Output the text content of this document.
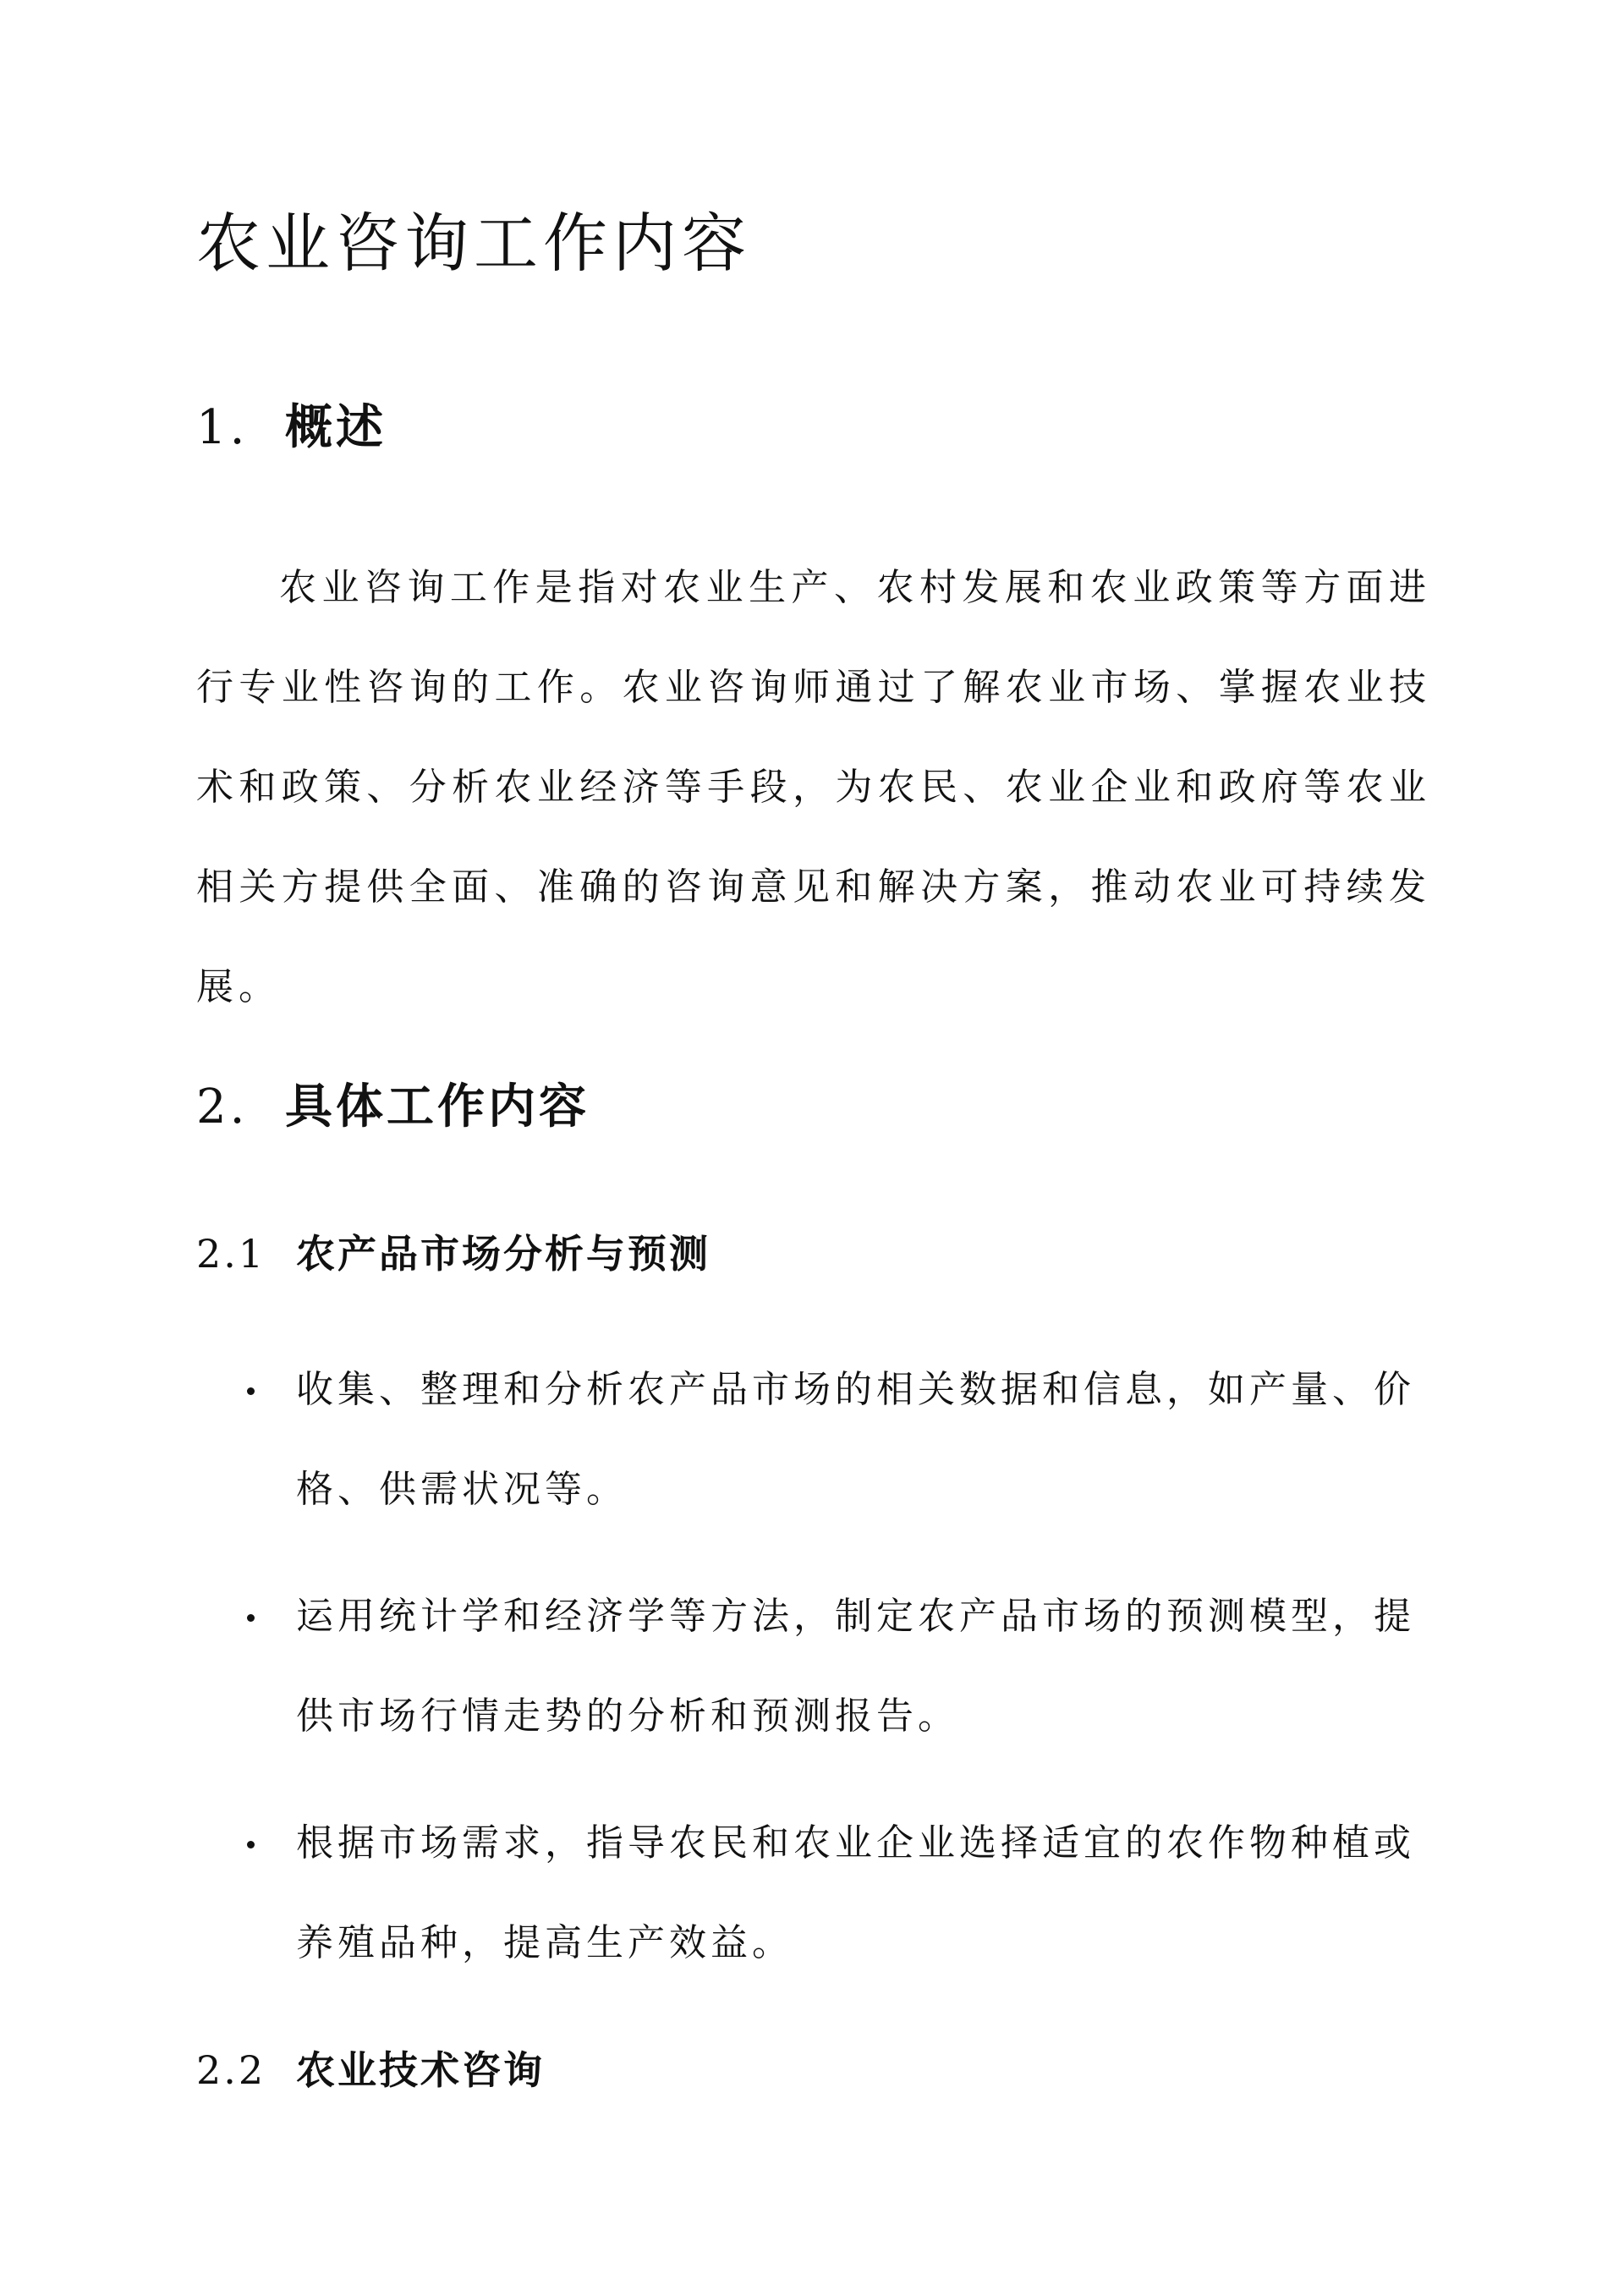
农业咨询工作内容
1. 概述

农业咨询工作是指对农业生产、农村发展和农业政策等方面进行专业性咨询的工作。农业咨询师通过了解农业市场、掌握农业技术和政策、分析农业经济等手段，为农民、农业企业和政府等农业相关方提供全面、准确的咨询意见和解决方案，推动农业可持续发展。

2. 具体工作内容
2.1 农产品市场分析与预测
收集、整理和分析农产品市场的相关数据和信息，如产量、价格、供需状况等。
运用统计学和经济学等方法，制定农产品市场的预测模型，提供市场行情走势的分析和预测报告。
根据市场需求，指导农民和农业企业选择适宜的农作物种植或养殖品种，提高生产效益。
2.2 农业技术咨询
